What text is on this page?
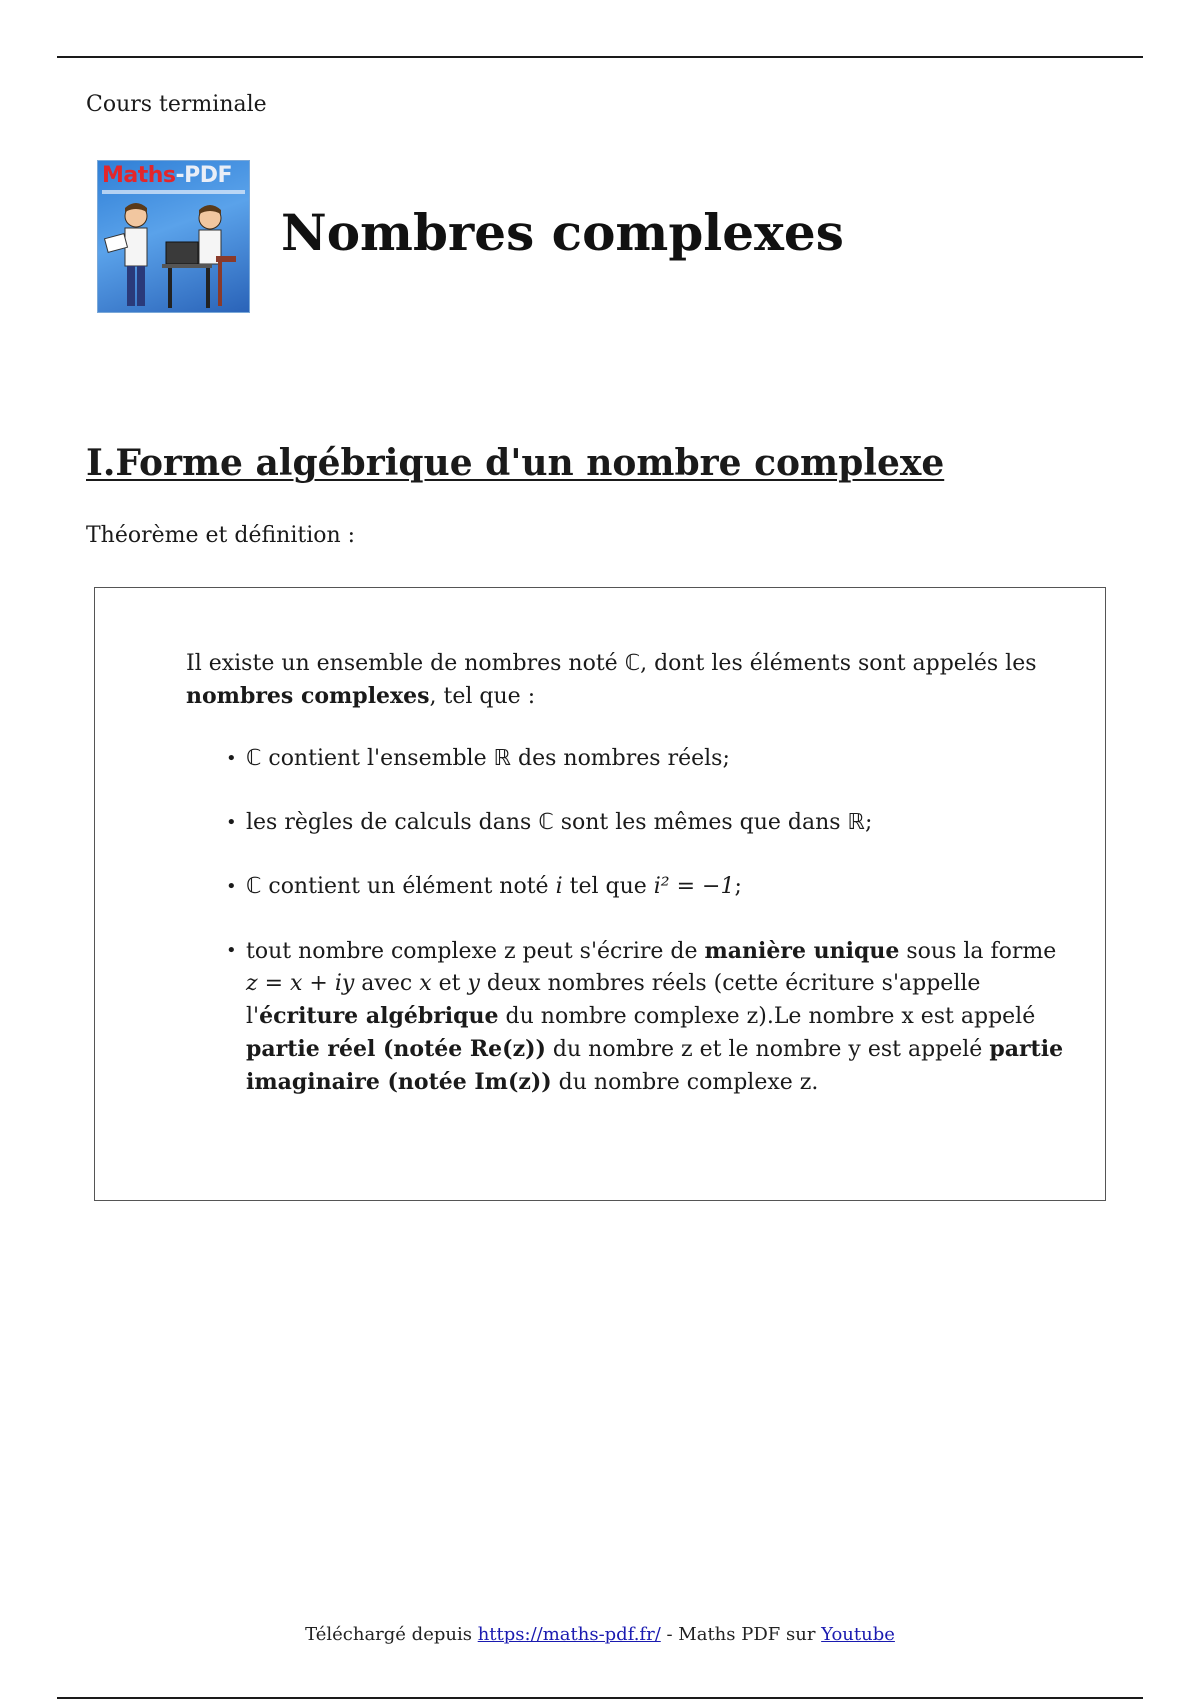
Cours terminale
Maths-PDF
Nombres complexes
I.Forme algébrique d'un nombre complexe
Théorème et définition :
Il existe un ensemble de nombres noté ℂ, dont les éléments sont appelés les nombres complexes, tel que :
• ℂ contient l'ensemble ℝ des nombres réels;
• les règles de calculs dans ℂ sont les mêmes que dans ℝ;
• ℂ contient un élément noté i tel que i² = −1;
• tout nombre complexe z peut s'écrire de manière unique sous la forme z = x + iy avec x et y deux nombres réels (cette écriture s'appelle l'écriture algébrique du nombre complexe z).Le nombre x est appelé partie réel (notée Re(z)) du nombre z et le nombre y est appelé partie imaginaire (notée Im(z)) du nombre complexe z.
Téléchargé depuis https://maths-pdf.fr/ - Maths PDF sur Youtube
